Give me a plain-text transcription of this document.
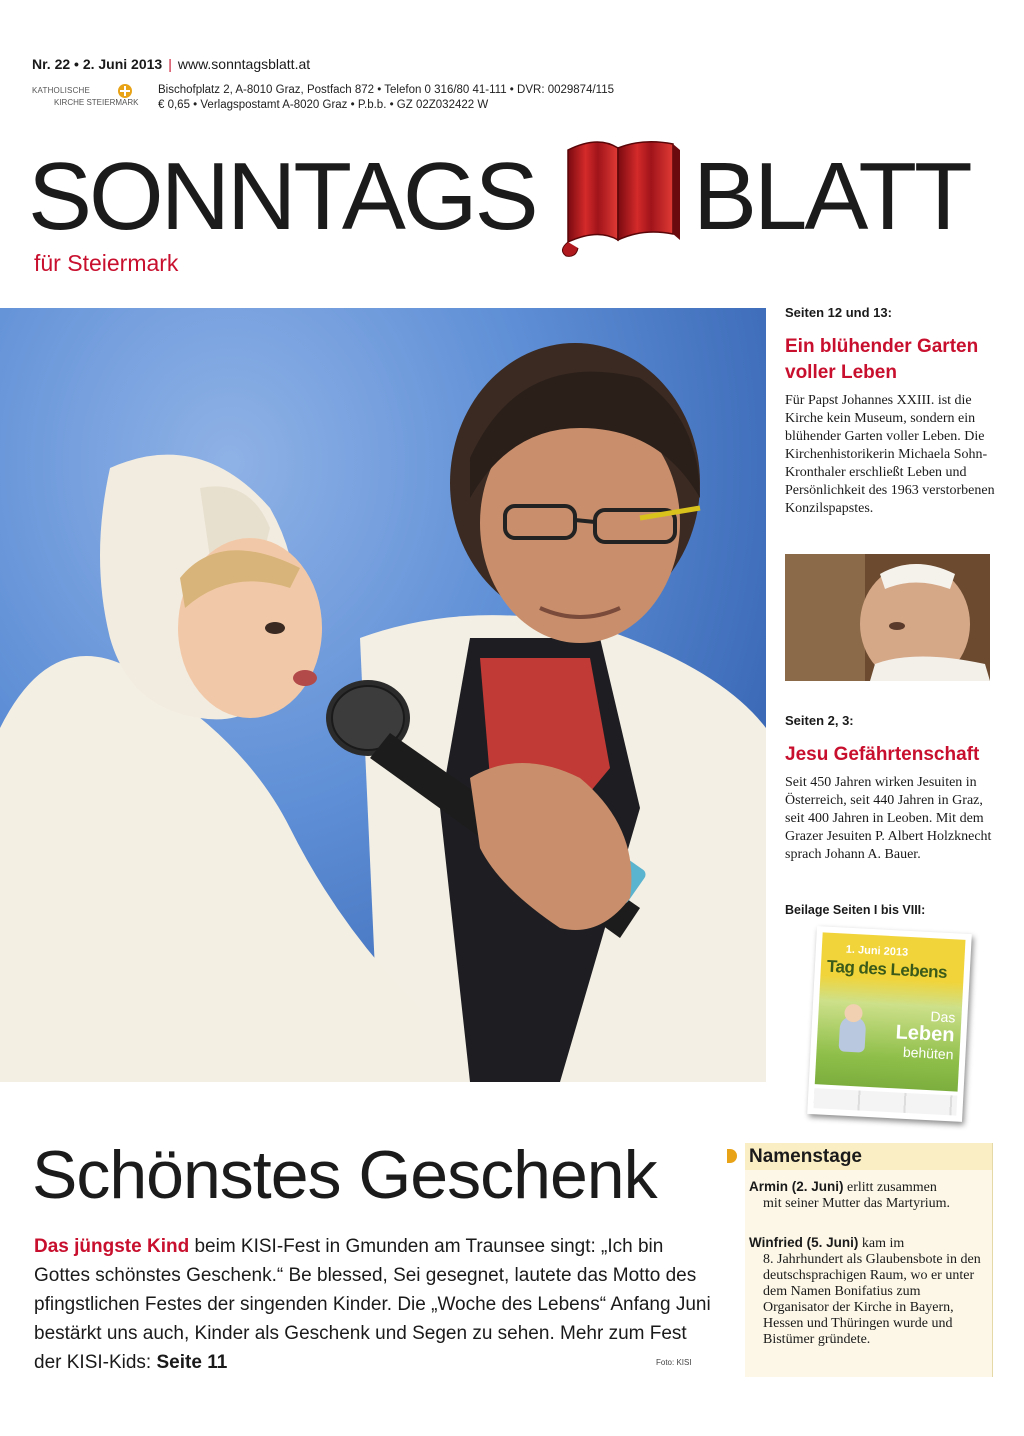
Nr. 22 • 2. Juni 2013 | www.sonntagsblatt.at
KATHOLISCHE
KIRCHE STEIERMARK
Bischofplatz 2, A-8010 Graz, Postfach 872 • Telefon 0 316/80 41-111 • DVR: 0029874/115
€ 0,65 • Verlagspostamt A-8020 Graz • P.b.b. • GZ 02Z032422 W
SONNTAGS BLATT
für Steiermark
Seiten 12 und 13:
Ein blühender Garten voller Leben
Für Papst Johannes XXIII. ist die Kirche kein Museum, sondern ein blühender Garten voller Leben. Die Kirchenhistorikerin Michaela Sohn-Kronthaler erschließt Leben und Persönlichkeit des 1963 verstorbenen Konzilspapstes.
Seiten 2, 3:
Jesu Gefährtenschaft
Seit 450 Jahren wirken Jesuiten in Österreich, seit 440 Jahren in Graz, seit 400 Jahren in Leoben. Mit dem Grazer Jesuiten P. Albert Holzknecht sprach Johann A. Bauer.
Beilage Seiten I bis VIII:
1. Juni 2013
Tag des Lebens
Das
Leben
behüten
Schönstes Geschenk
Das jüngste Kind beim KISI-Fest in Gmunden am Traunsee singt: „Ich bin Gottes schönstes Geschenk.“ Be blessed, Sei gesegnet, lautete das Motto des pfingstlichen Festes der singenden Kinder. Die „Woche des Lebens“ Anfang Juni bestärkt uns auch, Kinder als Geschenk und Segen zu sehen. Mehr zum Fest der KISI-Kids: Seite 11	Foto: KISI
Namenstage
Armin (2. Juni) erlitt zusammen
mit seiner Mutter das Martyrium.
Winfried (5. Juni) kam im
8. Jahrhundert als Glaubensbote in den deutschsprachigen Raum, wo er unter dem Namen Bonifatius zum Organisator der Kirche in Bayern, Hessen und Thüringen wurde und Bistümer gründete.
